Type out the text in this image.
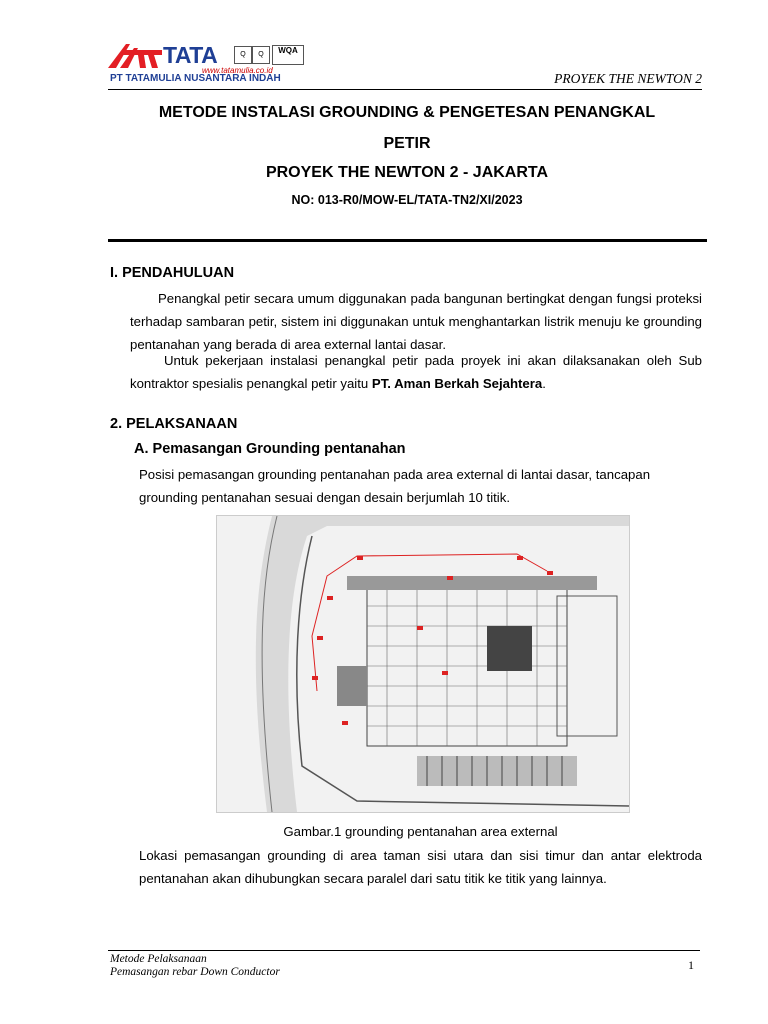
TATA	Q	Q	WQA
www.tatamulia.co.id
PT TATAMULIA NUSANTARA INDAH	PROYEK THE NEWTON 2
METODE INSTALASI GROUNDING & PENGETESAN PENANGKAL
PETIR
PROYEK THE NEWTON 2 - JAKARTA
NO: 013-R0/MOW-EL/TATA-TN2/XI/2023
I. PENDAHULUAN
Penangkal petir secara umum diggunakan pada bangunan bertingkat dengan fungsi proteksi terhadap sambaran petir, sistem ini diggunakan untuk menghantarkan listrik menuju ke grounding pentanahan yang berada di area external lantai dasar.
Untuk pekerjaan instalasi penangkal petir pada proyek ini akan dilaksanakan oleh Sub kontraktor spesialis penangkal petir yaitu PT. Aman Berkah Sejahtera.
2. PELAKSANAAN
A. Pemasangan Grounding pentanahan
Posisi pemasangan grounding pentanahan pada area external di lantai dasar, tancapan grounding pentanahan sesuai dengan desain berjumlah 10 titik.
Gambar.1 grounding pentanahan area external
Lokasi pemasangan grounding di area taman sisi utara dan sisi timur dan antar elektroda pentanahan akan dihubungkan secara paralel dari satu titik ke titik yang lainnya.
Metode Pelaksanaan
Pemasangan rebar Down Conductor	1
